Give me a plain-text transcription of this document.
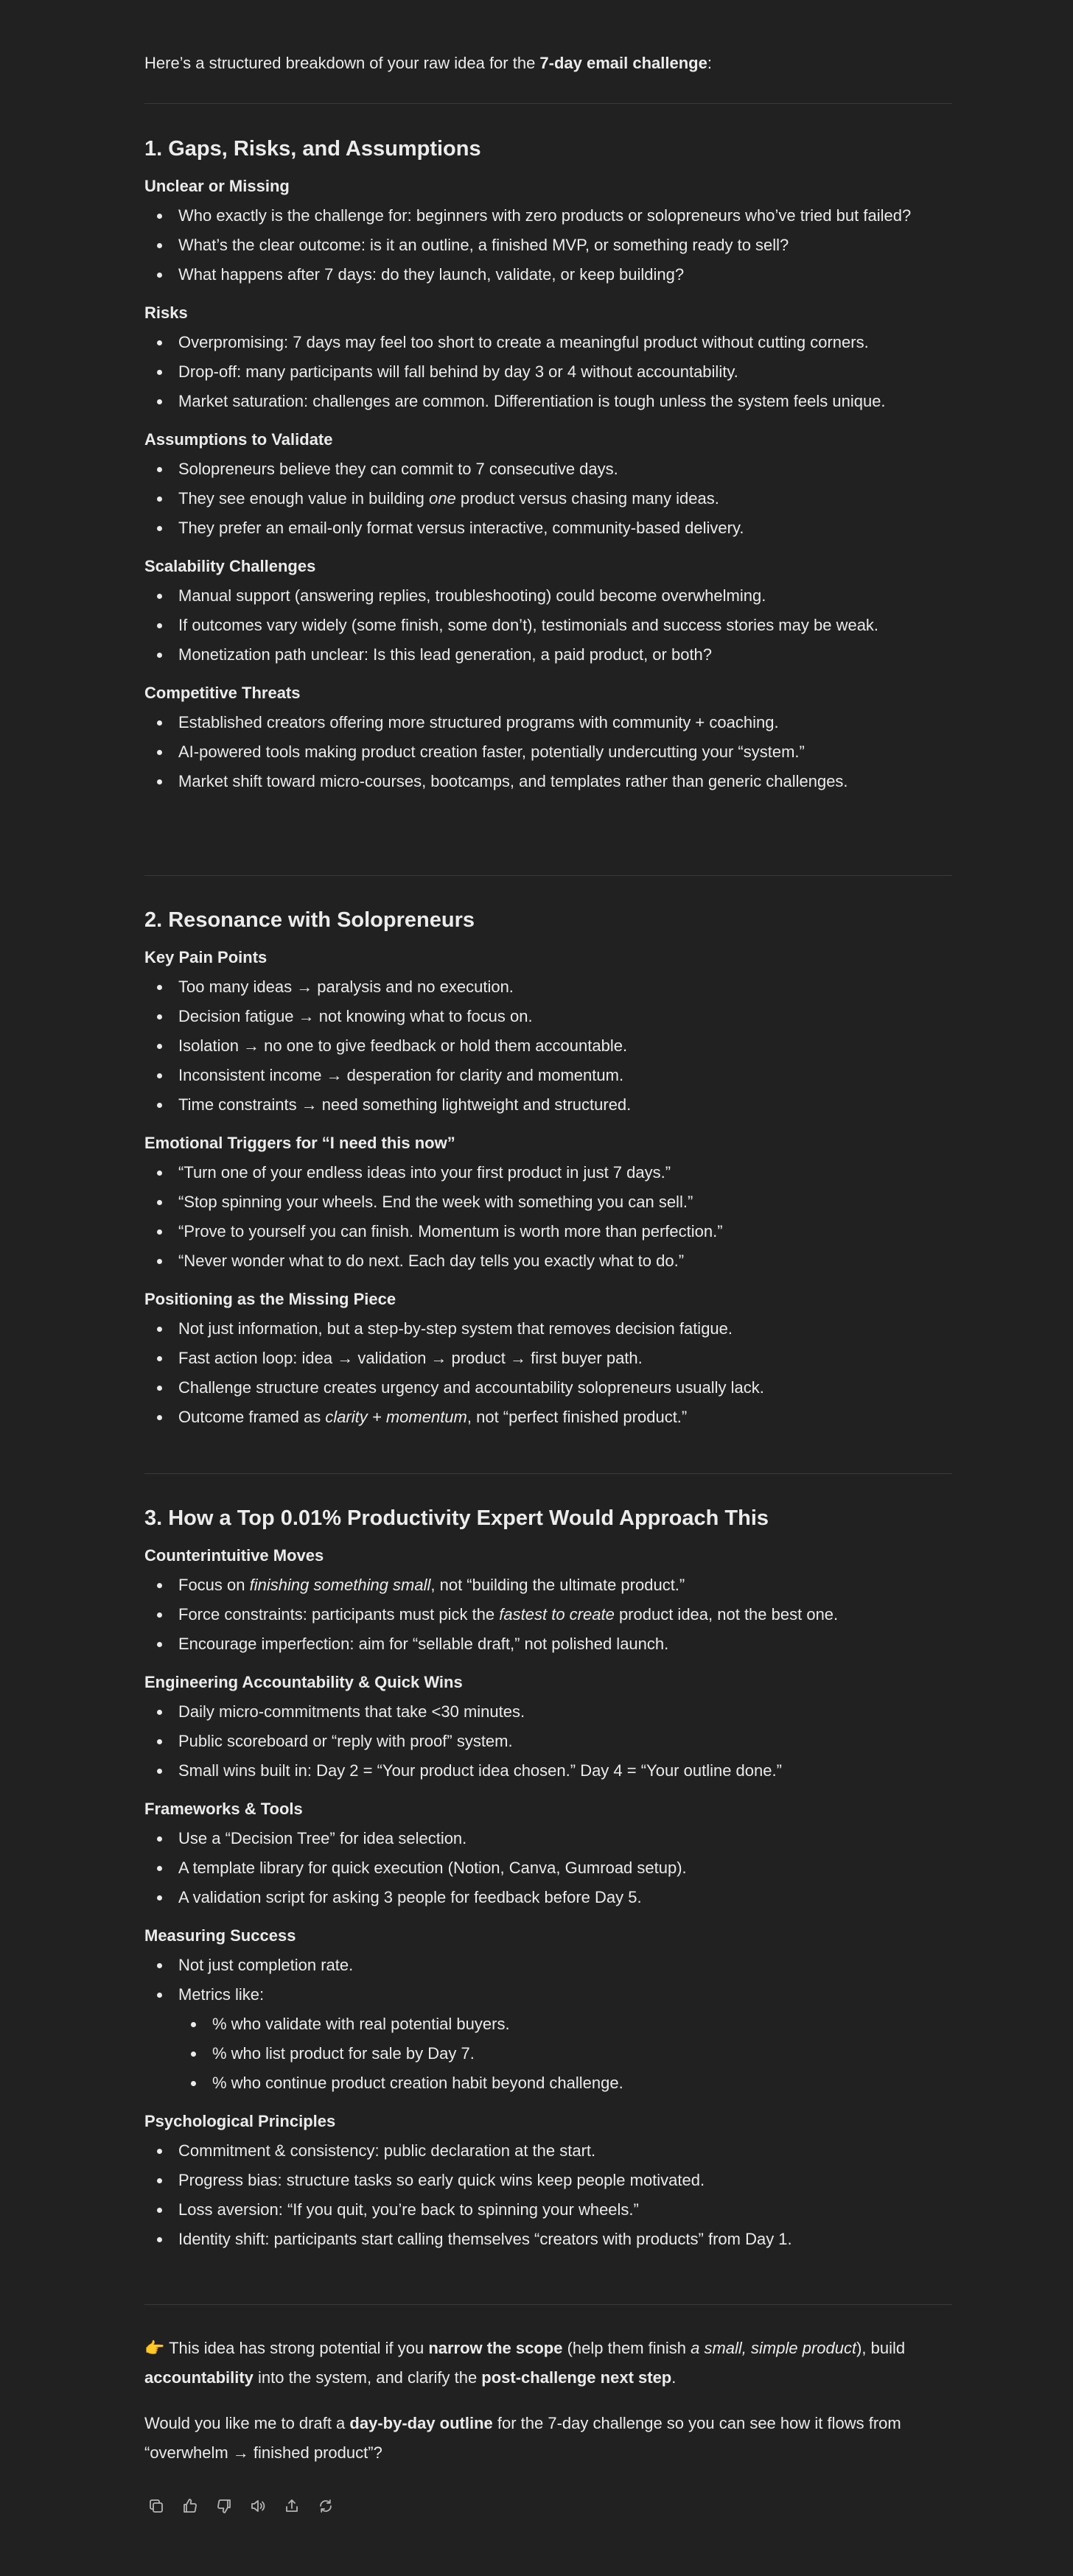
Here’s a structured breakdown of your raw idea for the 7-day email challenge:

1. Gaps, Risks, and Assumptions
Unclear or Missing
Who exactly is the challenge for: beginners with zero products or solopreneurs who’ve tried but failed?
What’s the clear outcome: is it an outline, a finished MVP, or something ready to sell?
What happens after 7 days: do they launch, validate, or keep building?
Risks
Overpromising: 7 days may feel too short to create a meaningful product without cutting corners.
Drop-off: many participants will fall behind by day 3 or 4 without accountability.
Market saturation: challenges are common. Differentiation is tough unless the system feels unique.
Assumptions to Validate
Solopreneurs believe they can commit to 7 consecutive days.
They see enough value in building one product versus chasing many ideas.
They prefer an email-only format versus interactive, community-based delivery.
Scalability Challenges
Manual support (answering replies, troubleshooting) could become overwhelming.
If outcomes vary widely (some finish, some don’t), testimonials and success stories may be weak.
Monetization path unclear: Is this lead generation, a paid product, or both?
Competitive Threats
Established creators offering more structured programs with community + coaching.
AI-powered tools making product creation faster, potentially undercutting your “system.”
Market shift toward micro-courses, bootcamps, and templates rather than generic challenges.
2. Resonance with Solopreneurs
Key Pain Points
Too many ideas → paralysis and no execution.
Decision fatigue → not knowing what to focus on.
Isolation → no one to give feedback or hold them accountable.
Inconsistent income → desperation for clarity and momentum.
Time constraints → need something lightweight and structured.
Emotional Triggers for “I need this now”
“Turn one of your endless ideas into your first product in just 7 days.”
“Stop spinning your wheels. End the week with something you can sell.”
“Prove to yourself you can finish. Momentum is worth more than perfection.”
“Never wonder what to do next. Each day tells you exactly what to do.”
Positioning as the Missing Piece
Not just information, but a step-by-step system that removes decision fatigue.
Fast action loop: idea → validation → product → first buyer path.
Challenge structure creates urgency and accountability solopreneurs usually lack.
Outcome framed as clarity + momentum, not “perfect finished product.”
3. How a Top 0.01% Productivity Expert Would Approach This
Counterintuitive Moves
Focus on finishing something small, not “building the ultimate product.”
Force constraints: participants must pick the fastest to create product idea, not the best one.
Encourage imperfection: aim for “sellable draft,” not polished launch.
Engineering Accountability & Quick Wins
Daily micro-commitments that take <30 minutes.
Public scoreboard or “reply with proof” system.
Small wins built in: Day 2 = “Your product idea chosen.” Day 4 = “Your outline done.”
Frameworks & Tools
Use a “Decision Tree” for idea selection.
A template library for quick execution (Notion, Canva, Gumroad setup).
A validation script for asking 3 people for feedback before Day 5.
Measuring Success
Not just completion rate.
Metrics like:
% who validate with real potential buyers.
% who list product for sale by Day 7.
% who continue product creation habit beyond challenge.
Psychological Principles
Commitment & consistency: public declaration at the start.
Progress bias: structure tasks so early quick wins keep people motivated.
Loss aversion: “If you quit, you’re back to spinning your wheels.”
Identity shift: participants start calling themselves “creators with products” from Day 1.

👉 This idea has strong potential if you narrow the scope (help them finish a small, simple product), build accountability into the system, and clarify the post-challenge next step.

Would you like me to draft a day-by-day outline for the 7-day challenge so you can see how it flows from “overwhelm → finished product”?
